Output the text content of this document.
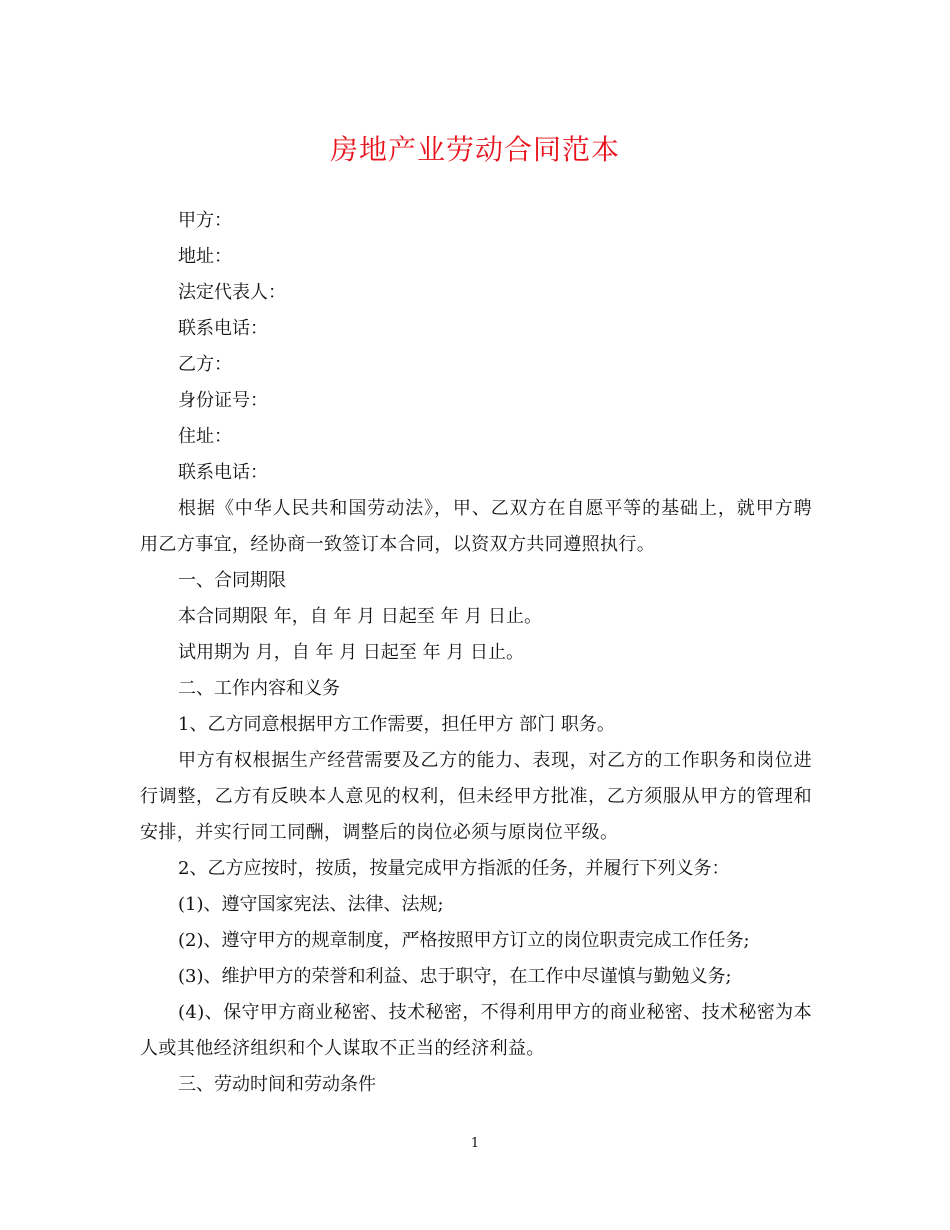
房地产业劳动合同范本

甲方：

地址：

法定代表人：

联系电话：

乙方：

身份证号：

住址：

联系电话：

根据《中华人民共和国劳动法》，甲、乙双方在自愿平等的基础上，就甲方聘用乙方事宜，经协商一致签订本合同，以资双方共同遵照执行。

一、合同期限

本合同期限 年，自 年 月 日起至 年 月 日止。

试用期为 月，自 年 月 日起至 年 月 日止。

二、工作内容和义务

1、乙方同意根据甲方工作需要，担任甲方 部门 职务。

甲方有权根据生产经营需要及乙方的能力、表现，对乙方的工作职务和岗位进行调整，乙方有反映本人意见的权利，但未经甲方批准，乙方须服从甲方的管理和安排，并实行同工同酬，调整后的岗位必须与原岗位平级。

2、乙方应按时，按质，按量完成甲方指派的任务，并履行下列义务：

(1)、遵守国家宪法、法律、法规;

(2)、遵守甲方的规章制度，严格按照甲方订立的岗位职责完成工作任务;

(3)、维护甲方的荣誉和利益、忠于职守，在工作中尽谨慎与勤勉义务;

(4)、保守甲方商业秘密、技术秘密，不得利用甲方的商业秘密、技术秘密为本人或其他经济组织和个人谋取不正当的经济利益。

三、劳动时间和劳动条件

1
